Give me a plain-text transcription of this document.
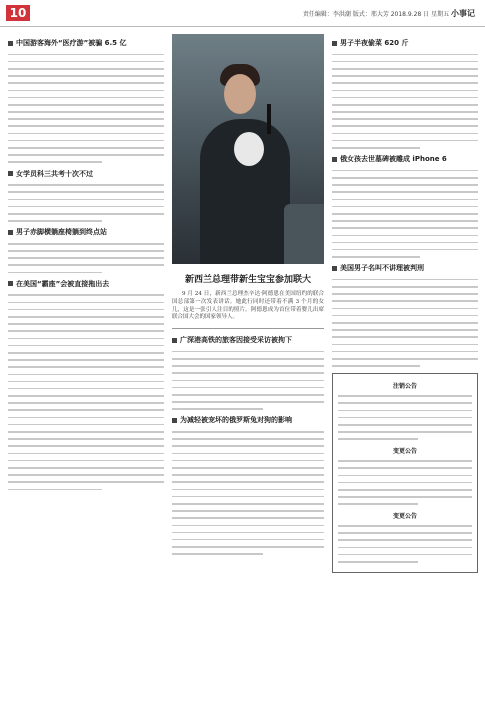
10	责任编辑：李洪潮 版式：邢大芳 2018.9.28 日 星期五 小事记
中国游客海外“医疗游”被骗 6.5 亿
女学员科三共考十次不过
男子赤脚横躺座椅躺到终点站
在美国“霸座”会被直接拖出去	新西兰总理带新生宝宝参加联大
9 月 24 日，新西兰总理杰辛达·阿德恩在美国纽约的联合国总部第一次发表讲话。她此行同时还带着不满 3 个月的女儿，这是一张引人注目的照片。阿德恩成为首位带着婴儿出席联合国大会的国家领导人。
广深港高铁的旅客因接受采访被拘下
为减轻被宠坏的俄罗斯兔对狗的影响
男子半夜偷菜 620 斤
俄女孩去世墓碑被雕成 iPhone 6
美国男子名叫不讲理被判刑
注销公告
变更公告
变更公告
